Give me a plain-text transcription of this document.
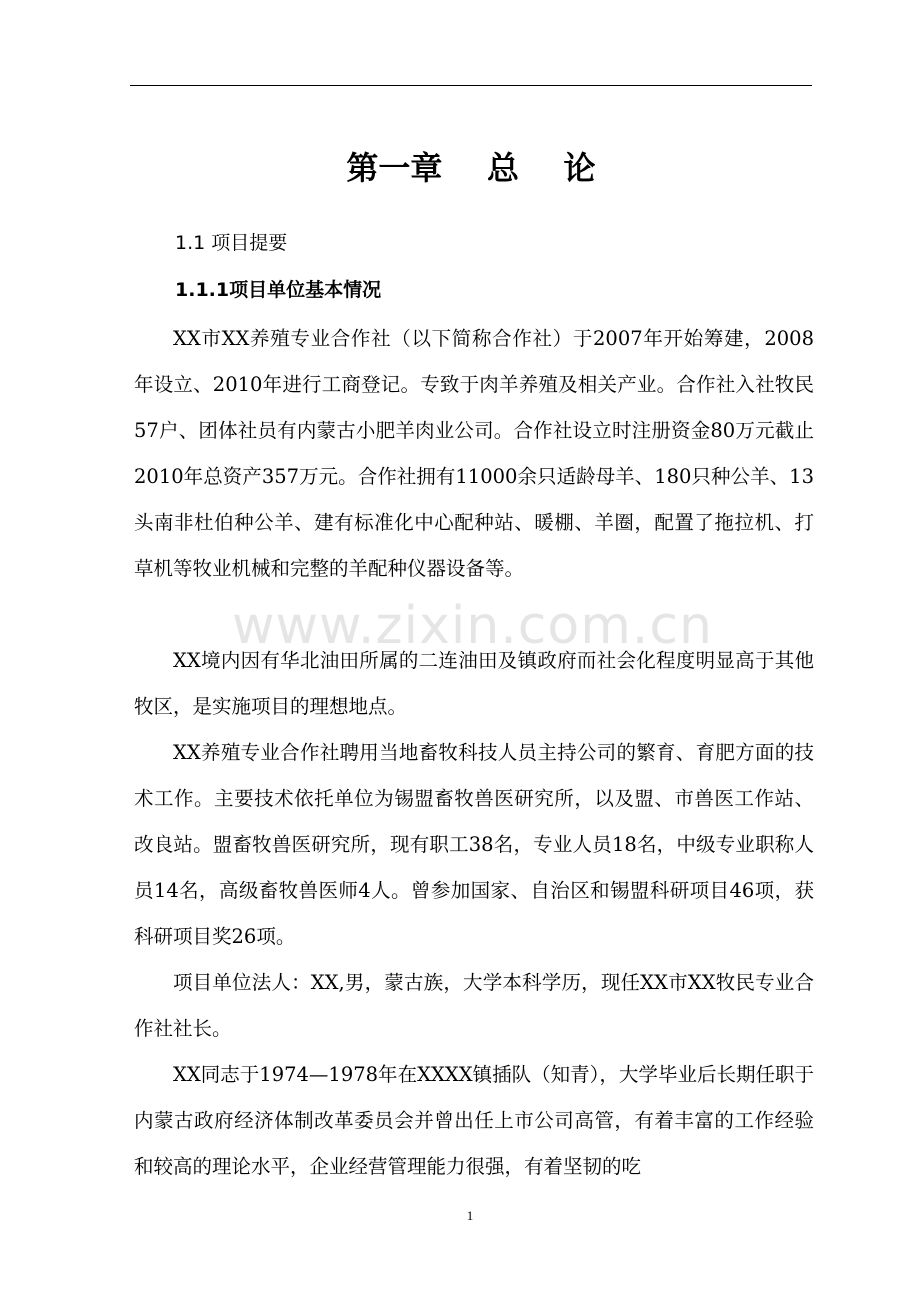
第一章    总    论
1.1 项目提要
1.1.1项目单位基本情况

XX市XX养殖专业合作社（以下简称合作社）于2007年开始筹建，2008年设立、2010年进行工商登记。专致于肉羊养殖及相关产业。合作社入社牧民57户、团体社员有内蒙古小肥羊肉业公司。合作社设立时注册资金80万元截止2010年总资产357万元。合作社拥有11000余只适龄母羊、180只种公羊、13头南非杜伯种公羊、建有标准化中心配种站、暖棚、羊圈，配置了拖拉机、打草机等牧业机械和完整的羊配种仪器设备等。

XX境内因有华北油田所属的二连油田及镇政府而社会化程度明显高于其他牧区，是实施项目的理想地点。

XX养殖专业合作社聘用当地畜牧科技人员主持公司的繁育、育肥方面的技术工作。主要技术依托单位为锡盟畜牧兽医研究所，以及盟、市兽医工作站、改良站。盟畜牧兽医研究所，现有职工38名，专业人员18名，中级专业职称人员14名，高级畜牧兽医师4人。曾参加国家、自治区和锡盟科研项目46项，获科研项目奖26项。

项目单位法人：XX,男，蒙古族，大学本科学历，现任XX市XX牧民专业合作社社长。

XX同志于1974—1978年在XXXX镇插队（知青），大学毕业后长期任职于内蒙古政府经济体制改革委员会并曾出任上市公司高管，有着丰富的工作经验和较高的理论水平，企业经营管理能力很强，有着坚韧的吃

www.zixin.com.cn
1
